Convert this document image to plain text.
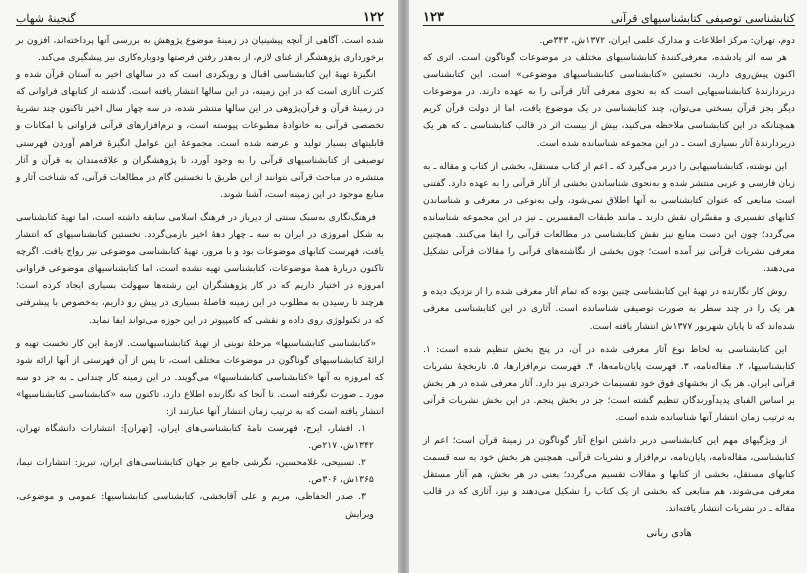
۱۲۲
گنجینهٔ شهاب

شده است. آگاهی از آنچه پیشینیان در زمینهٔ موضوع پژوهش به بررسی آنها پرداخته‌اند، افزون بر برخورداری پژوهشگر از غنای لازم، از به‌هدر رفتن فرصتها ودوباره‌کاری نیز پیشگیری می‌کند.

انگیزهٔ تهیهٔ این کتابشناسی اقبال و رویکردی است که در سالهای اخیر به آستان قرآن شده و کثرت آثاری است که در این زمینه، در این سالها انتشار یافته است. گذشته از کتابهای فراوانی که در زمینهٔ قرآن و قرآن‌پژوهی در این سالها منتشر شده، در سه چهار سال اخیر تاکنون چند نشریهٔ تخصصی قرآنی به خانوادهٔ مطبوعات پیوسته است، و نرم‌افزارهای قرآنی فراوانی با امکانات و قابلیتهای بسیار تولید و عرضه شده است. مجموعهٔ این عوامل انگیزهٔ فراهم آوردن فهرستی توصیفی از کتابشناسیهای قرآنی را به وجود آورد، تا پژوهشگران و علاقه‌مندان به قرآن و آثار منتشره در مباحث قرآنی بتوانند از این طریق با نخستین گام در مطالعات قرآنی، که شناخت آثار و منابع موجود در این زمینه است، آشنا شوند.

فرهنگ‌نگاری به‌سبک سنتی از دیرباز در فرهنگ اسلامی سابقه داشته است، اما تهیهٔ کتابشناسی به شکل امروزی در ایران به سه ـ چهار دههٔ اخیر بازمی‌گردد. نخستین کتابشناسیهای که انتشار یافت، فهرست کتابهای موضوعات بود و با مرور، تهیهٔ کتابشناسی موضوعی نیز رواج یافت. اگرچه تاکنون دربارهٔ همهٔ موضوعات، کتابشناسی تهیه نشده است، اما کتابشناسیهای موضوعی فراوانی امروزه در اختیار داریم که در کار پژوهشگران این رشته‌ها سهولت بسیاری ایجاد کرده است؛ هرچند تا رسیدن به مطلوب در این زمینه فاصلهٔ بسیاری در پیش رو داریم، به‌خصوص با پیشرفتی که در تکنولوژی روی داده و نقشی که کامپیوتر در این حوزه می‌تواند ایفا نماید.

«کتابشناسی کتابشناسیها» مرحلهٔ نوینی از تهیهٔ کتابشناسیهاست. لازمهٔ این کار نخست تهیه و ارائهٔ کتابشناسیهای گوناگون در موضوعات مختلف است، تا پس از آن فهرستی از آنها ارائه شود که امروزه به آنها «کتابشناسی کتابشناسیها» می‌گویند. در این زمینه کار چندانی ـ به جز دو سه مورد ـ صورت نگرفته است. تا آنجا که نگارنده اطلاع دارد، تاکنون سه «کتابشناسی کتابشناسیها» انتشار یافته است که به ترتیب زمان انتشار آنها عبارتند از:

۱. افشار، ایرج، فهرست نامهٔ کتابشناسی‌های ایران، [تهران]: انتشارات دانشگاه تهران، ۱۳۴۲ش، ۲۱۷ص.

۲. تسبیحی، غلامحسین، نگرشی جامع بر جهان کتابشناسی‌های ایران، تبریز: انتشارات نیما، ۱۳۶۵ش، ۳۰۶ص.

۳. صدر الحفاظی، مریم و علی آقابخشی، کتابشناسی کتابشناسیها: عمومی و موضوعی، ویرایش

کتابشناسی توصیفی کتابشناسیهای قرآنی
۱۲۳

دوم، تهران: مرکز اطلاعات و مدارک علمی ایران، ۱۳۷۲ش، ۳۴۳ص.

هر سه اثر یادشده، معرفی‌کنندهٔ کتابشناسیهای مختلف در موضوعات گوناگون است. اثری که اکنون پیش‌روی دارید، نخستین «کتابشناسی کتابشناسیهای موضوعی» است. این کتابشناسی دربردارندهٔ کتابشناسیهایی است که به نحوی معرفی آثار قرآنی را به عهده دارند. در موضوعات دیگر بجز قرآن بسختی می‌توان، چند کتابشناسی در یک موضوع یافت، اما از دولت قرآن کریم همچنانکه در این کتابشناسی ملاحظه می‌کنید، بیش از بیست اثر در قالب کتابشناسی ـ که هر یک دربردارندهٔ آثار بسیاری است ـ در این مجموعه شناسانده شده است.

این نوشته، کتابشناسیهایی را دربر می‌گیرد که ـ اعم از کتاب مستقل، بخشی از کتاب و مقاله ـ به زبان فارسی و عربی منتشر شده و به‌نحوی شناساندن بخشی از آثار قرآنی را به عهده دارد. گفتنی است منابعی که عنوان کتابشناسی به آنها اطلاق نمی‌شود، ولی به‌نوعی در معرفی و شناساندن کتابهای تفسیری و مفسّران نقش دارند ـ مانند طبقات المفسرین ـ نیز در این مجموعه شناسانده می‌گردد؛ چون این دست منابع نیز نقش کتابشناسی در مطالعات قرآنی را ایفا می‌کنند. همچنین معرفی نشریات قرآنی نیز آمده است؛ چون بخشی از نگاشته‌های قرآنی را مقالات قرآنی تشکیل می‌دهند.

روش کار نگارنده در تهیهٔ این کتابشناسی چنین بوده که تمام آثار معرفی شده را از نزدیک دیده و هر یک را در چند سطر به صورت توصیفی شناسانده است. آثاری در این کتابشناسی معرفی شده‌اند که تا پایان شهریور ۱۳۷۷ش انتشار یافته است.

این کتابشناسی به لحاظ نوع آثار معرفی شده در آن، در پنج بخش تنظیم شده است: ۱. کتابشناسیها، ۲. مقاله‌نامه، ۳. فهرست پایان‌نامه‌ها، ۴. فهرست نرم‌افزارها، ۵. تاریخچهٔ نشریات قرآنی ایران. هر یک از بخشهای فوق خود تقسیمات خردتری نیز دارد. آثار معرفی شده در هر بخش بر اساس الفبای پدیدآورندگان تنظیم گشته است؛ جز در بخش پنجم. در این بخش نشریات قرآنی به ترتیب زمان انتشار آنها شناسانده شده است.

از ویژگیهای مهم این کتابشناسی دربر داشتن انواع آثار گوناگون در زمینهٔ قرآن است؛ اعم از کتابشناسی، مقاله‌نامه، پایان‌نامه، نرم‌افزار و نشریات قرآنی. همچنین هر بخش خود به سه قسمت کتابهای مستقل، بخشی از کتابها و مقالات تقسیم می‌گردد؛ یعنی در هر بخش، هم آثار مستقل معرفی می‌شوند، هم منابعی که بخشی از یک کتاب را تشکیل می‌دهند و نیز، آثاری که در قالب مقاله ـ در نشریات انتشار یافته‌اند.

هادی ربانی
